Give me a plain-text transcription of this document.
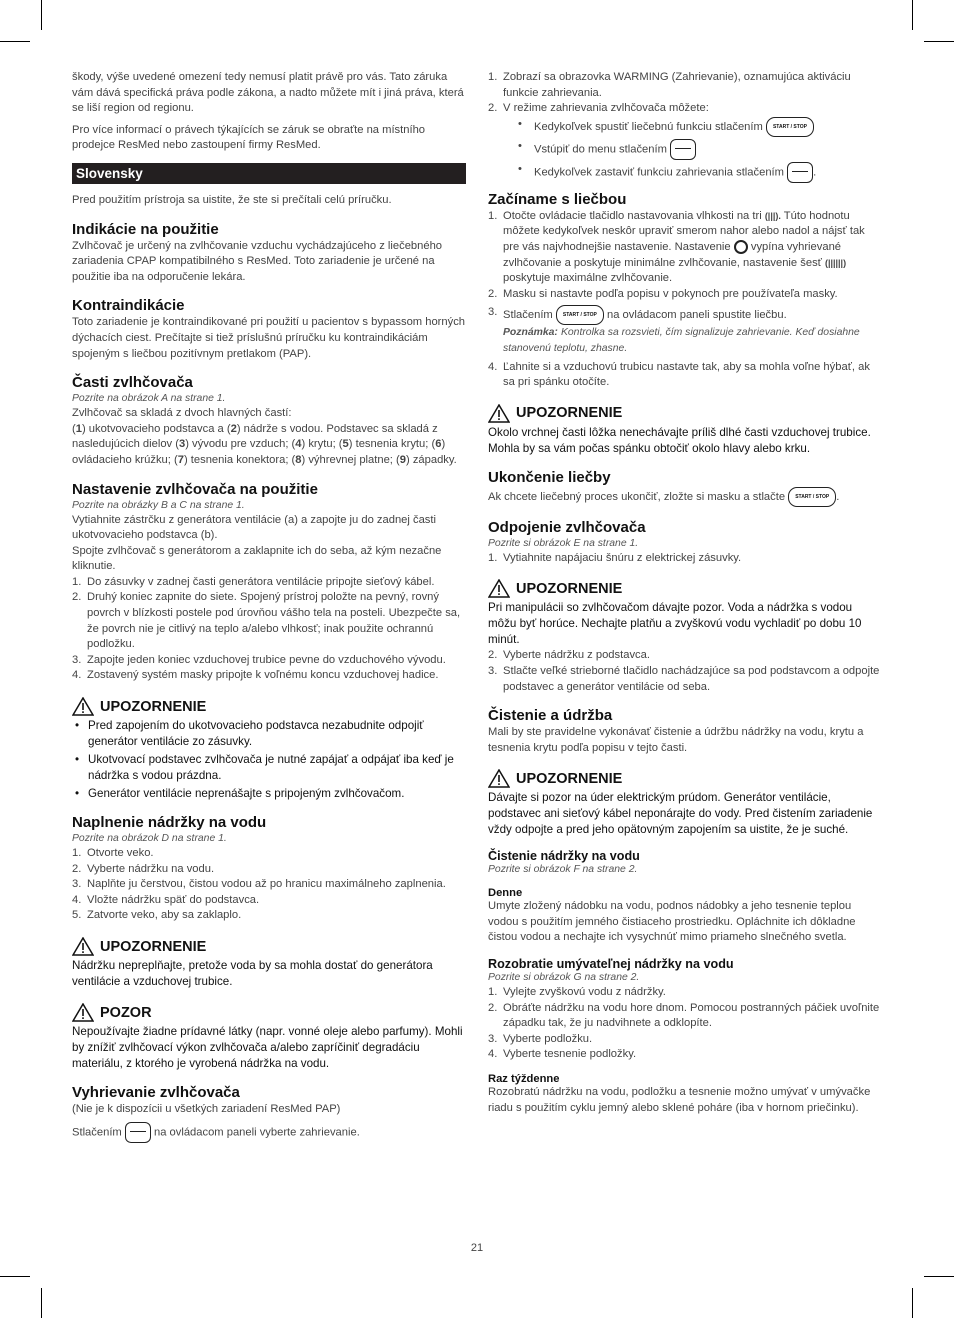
škody, výše uvedené omezení tedy nemusí platit právě pro vás. Tato záruka vám dává specifická práva podle zákona, a nadto můžete mít i jiná práva, která se liší region od regionu.

Pro více informací o právech týkajících se záruk se obraťte na místního prodejce ResMed nebo zastoupení firmy ResMed.

Slovensky

Pred použitím prístroja sa uistite, že ste si prečítali celú príručku.

Indikácie na použitie

Zvlhčovač je určený na zvlhčovanie vzduchu vychádzajúceho z liečebného zariadenia CPAP kompatibilného s ResMed. Toto zariadenie je určené na použitie iba na odporučenie lekára.

Kontraindikácie

Toto zariadenie je kontraindikované pri použití u pacientov s bypassom horných dýchacích ciest. Prečítajte si tiež príslušnú príručku ku kontraindikáciám spojeným s liečbou pozitívnym pretlakom (PAP).

Časti zvlhčovača

Pozrite na obrázok A na strane 1.

Zvlhčovač sa skladá z dvoch hlavných častí:

(1) ukotvovacieho podstavca a (2) nádrže s vodou. Podstavec sa skladá z nasledujúcich dielov (3) vývodu pre vzduch; (4) krytu; (5) tesnenia krytu; (6) ovládacieho krúžku; (7) tesnenia konektora; (8) výhrevnej platne; (9) západky.

Nastavenie zvlhčovača na použitie

Pozrite na obrázky B a C na strane 1.

Vytiahnite zástrčku z generátora ventilácie (a) a zapojte ju do zadnej časti ukotvovacieho podstavca (b).

Spojte zvlhčovač s generátorom a zaklapnite ich do seba, až kým nezačne kliknutie.

1. Do zásuvky v zadnej časti generátora ventilácie pripojte sieťový kábel.
2. Druhý koniec zapnite do siete. Spojený prístroj položte na pevný, rovný povrch v blízkosti postele pod úrovňou vášho tela na posteli. Ubezpečte sa, že povrch nie je citlivý na teplo a/alebo vlhkosť; inak použite ochrannú podložku.
3. Zapojte jeden koniec vzduchovej trubice pevne do vzduchového vývodu.
4. Zostavený systém masky pripojte k voľnému koncu vzduchovej hadice.
UPOZORNENIE
• Pred zapojením do ukotvovacieho podstavca nezabudnite odpojiť generátor ventilácie zo zásuvky.
• Ukotvovací podstavec zvlhčovača je nutné zapájať a odpájať iba keď je nádržka s vodou prázdna.
• Generátor ventilácie neprenášajte s pripojeným zvlhčovačom.
Naplnenie nádržky na vodu

Pozrite na obrázok D na strane 1.

1. Otvorte veko.
2. Vyberte nádržku na vodu.
3. Naplňte ju čerstvou, čistou vodou až po hranicu maximálneho zaplnenia.
4. Vložte nádržku späť do podstavca.
5. Zatvorte veko, aby sa zaklaplo.
UPOZORNENIE

Nádržku nepreplňajte, pretože voda by sa mohla dostať do generátora ventilácie a vzduchovej trubice.

POZOR

Nepoužívajte žiadne prídavné látky (napr. vonné oleje alebo parfumy). Mohli by znížiť zvlhčovací výkon zvlhčovača a/alebo zapríčiniť degradáciu materiálu, z ktorého je vyrobená nádržka na vodu.

Vyhrievanie zvlhčovača

(Nie je k dispozícii u všetkých zariadení ResMed PAP)

Stlačením	na ovládacom paneli vyberte zahrievanie.

1. Zobrazí sa obrazovka WARMING (Zahrievanie), oznamujúca aktiváciu funkcie zahrievania.
2. V režime zahrievania zvlhčovača môžete:
• Kedykoľvek spustiť liečebnú funkciu stlačením START / STOP
• Vstúpiť do menu stlačením
• Kedykoľvek zastaviť funkciu zahrievania stlačením	.
Začíname s liečbou
1. Otočte ovládacie tlačidlo nastavovania vlhkosti na tri (|||). Túto hodnotu môžete kedykoľvek neskôr upraviť smerom nahor alebo nadol a nájsť tak pre vás najvhodnejšie nastavenie. Nastavenie vypína vyhrievané zvlhčovanie a poskytuje minimálne zvlhčovanie, nastavenie šesť (||||||) poskytuje maximálne zvlhčovanie.
2. Masku si nastavte podľa popisu v pokynoch pre používateľa masky.
3. Stlačením START / STOP na ovládacom paneli spustite liečbu.
Poznámka: Kontrolka sa rozsvieti, čím signalizuje zahrievanie. Keď dosiahne stanovenú teplotu, zhasne.
4. Ľahnite si a vzduchovú trubicu nastavte tak, aby sa mohla voľne hýbať, ak sa pri spánku otočíte.
UPOZORNENIE

Okolo vrchnej časti lôžka nenechávajte príliš dlhé časti vzduchovej trubice. Mohla by sa vám počas spánku obtočiť okolo hlavy alebo krku.

Ukončenie liečby

Ak chcete liečebný proces ukončiť, zložte si masku a stlačte START / STOP .

Odpojenie zvlhčovača

Pozrite si obrázok E na strane 1.

1. Vytiahnite napájaciu šnúru z elektrickej zásuvky.
UPOZORNENIE

Pri manipulácii so zvlhčovačom dávajte pozor. Voda a nádržka s vodou môžu byť horúce. Nechajte platňu a zvyškovú vodu vychladiť po dobu 10 minút.

2. Vyberte nádržku z podstavca.
3. Stlačte veľké strieborné tlačidlo nachádzajúce sa pod podstavcom a odpojte podstavec a generátor ventilácie od seba.
Čistenie a údržba

Mali by ste pravidelne vykonávať čistenie a údržbu nádržky na vodu, krytu a tesnenia krytu podľa popisu v tejto časti.

UPOZORNENIE

Dávajte si pozor na úder elektrickým prúdom. Generátor ventilácie, podstavec ani sieťový kábel neponárajte do vody. Pred čistením zariadenie vždy odpojte a pred jeho opätovným zapojením sa uistite, že je suché.

Čistenie nádržky na vodu

Pozrite si obrázok F na strane 2.

Denne

Umyte zložený nádobku na vodu, podnos nádobky a jeho tesnenie teplou vodou s použitím jemného čistiaceho prostriedku. Opláchnite ich dôkladne čistou vodou a nechajte ich vysychnúť mimo priameho slnečného svetla.

Rozobratie umývateľnej nádržky na vodu

Pozrite si obrázok G na strane 2.

1. Vylejte zvyškovú vodu z nádržky.
2. Obráťte nádržku na vodu hore dnom. Pomocou postranných páčiek uvoľnite západku tak, že ju nadvihnete a odklopíte.
3. Vyberte podložku.
4. Vyberte tesnenie podložky.
Raz týždenne

Rozobratú nádržku na vodu, podložku a tesnenie možno umývať v umývačke riadu s použitím cyklu jemný alebo sklené poháre (iba v hornom priečinku).

21
